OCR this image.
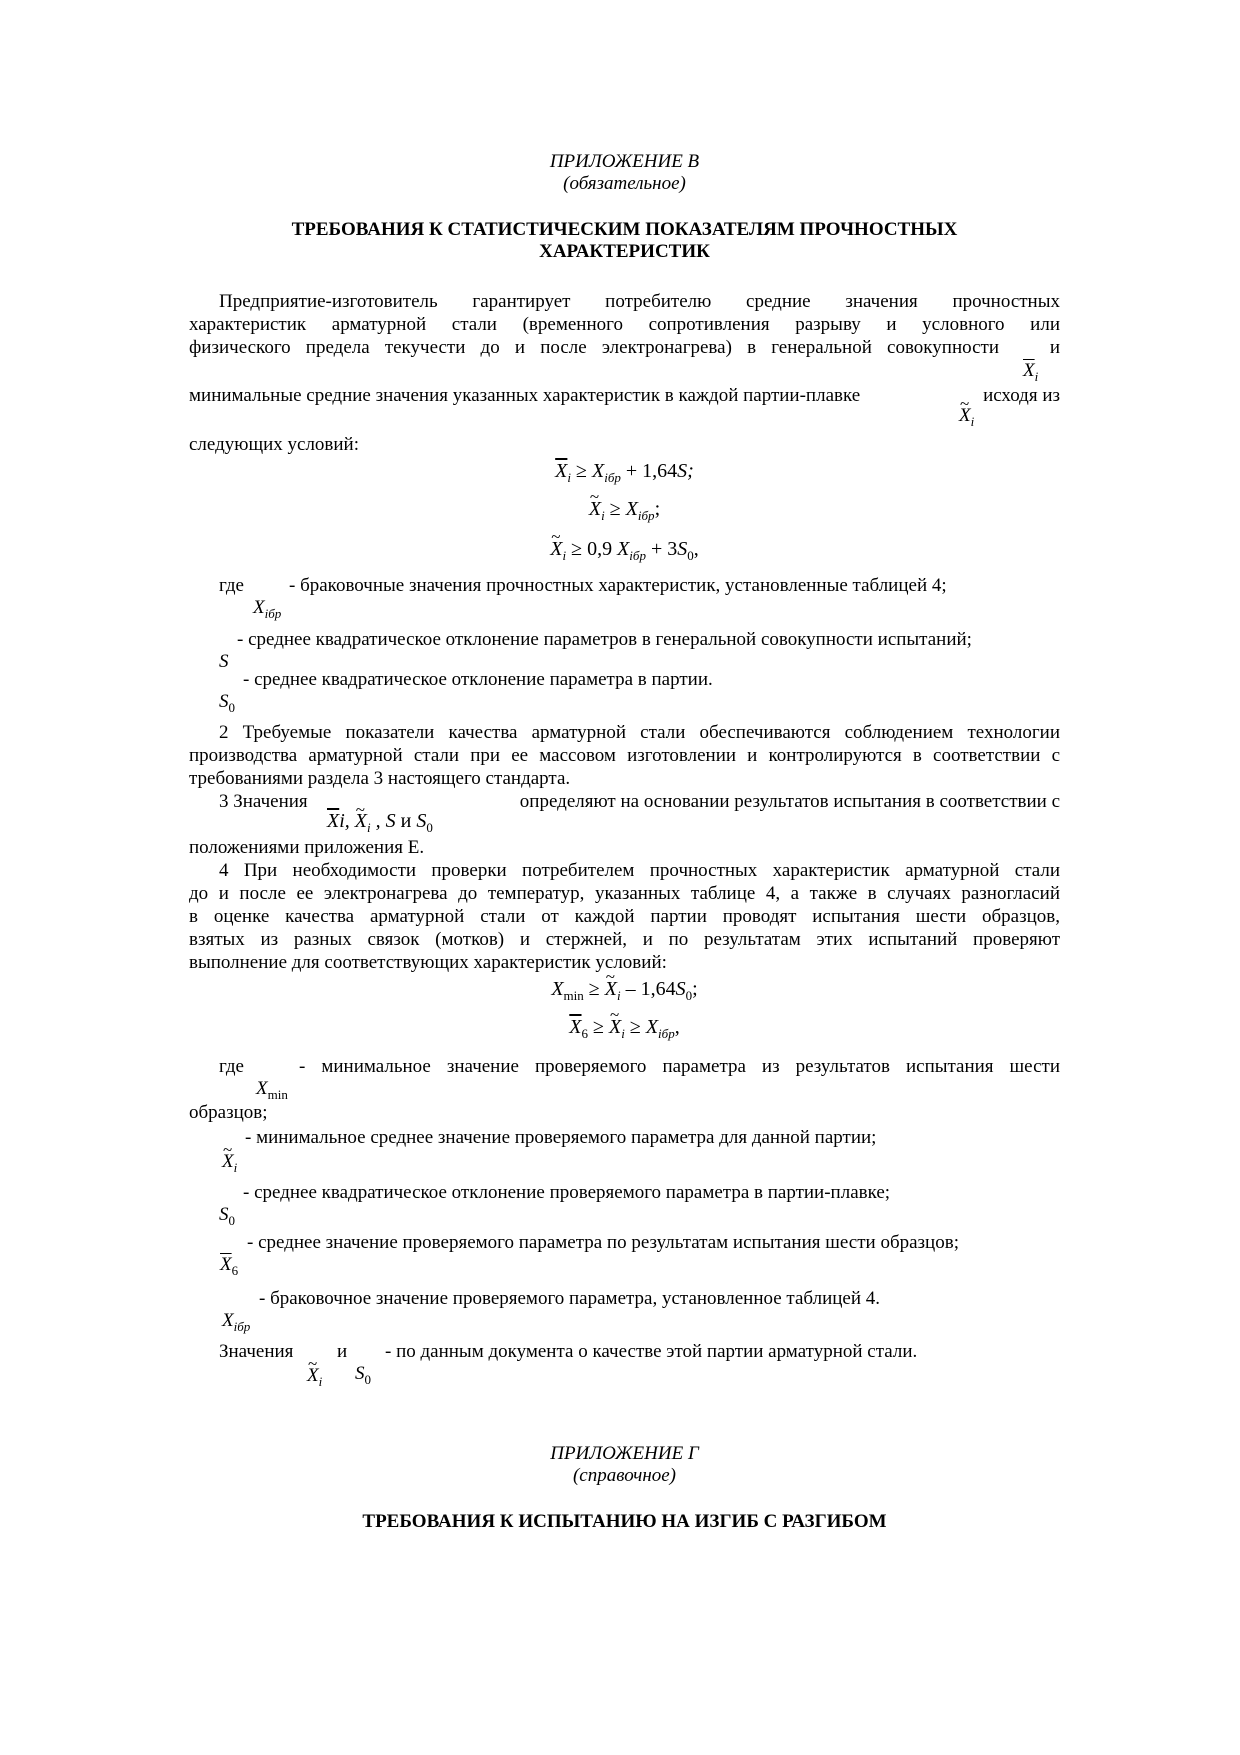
ПРИЛОЖЕНИЕ В
(обязательное)
ТРЕБОВАНИЯ К СТАТИСТИЧЕСКИМ ПОКАЗАТЕЛЯМ ПРОЧНОСТНЫХ
ХАРАКТЕРИСТИК
Предприятие-изготовитель гарантирует потребителю средние значения прочностных
характеристик арматурной стали (временного сопротивления разрыву и условного или
физического предела текучести до и после электронагрева) в генеральной совокупности	и
$\overline{X}_i$
минимальные средние значения указанных характеристик в каждой партии-плавке	исходя из
~ $X_i$
следующих условий:
$\overline{X}_i \ge X_{iбр} + 1,64S$;
~ $X_i \ge X_{iбр}$;
~ $X_i \ge 0,9$ $X_{iбр} + 3S_0$,
где - браковочные значения прочностных характеристик, установленные таблицей 4;
$X_{iбр}$
- среднее квадратическое отклонение параметров в генеральной совокупности испытаний;
S
- среднее квадратическое отклонение параметра в партии.
$S_0$
2 Требуемые показатели качества арматурной стали обеспечиваются соблюдением технологии
производства арматурной стали при ее массовом изготовлении и контролируются в соответствии с
требованиями раздела 3 настоящего стандарта.
3 Значения	определяют на основании результатов испытания в соответствии с
$\overline{X}i$, ~ $X_i$ , S и $S_0$
положениями приложения Е.
4 При необходимости проверки потребителем прочностных характеристик арматурной стали
до и после ее электронагрева до температур, указанных таблице 4, а также в случаях разногласий
в оценке качества арматурной стали от каждой партии проводят испытания шести образцов,
взятых из разных связок (мотков) и стержней, и по результатам этих испытаний проверяют
выполнение для соответствующих характеристик условий:
$X_{min}$ ≥ ~ $X_i - 1,64S_0$;
$\overline{X}_6$ ≥ ~ $X_i \ge X_{iбр}$,
где	- минимальное значение проверяемого параметра из результатов испытания шести
$X_{min}$
образцов;
- минимальное среднее значение проверяемого параметра для данной партии;
~ $X_i$
- среднее квадратическое отклонение проверяемого параметра в партии-плавке;
$S_0$
- среднее значение проверяемого параметра по результатам испытания шести образцов;
$\overline{X}_6$
- браковочное значение проверяемого параметра, установленное таблицей 4.
$X_{iбр}$
Значения и - по данным документа о качестве этой партии арматурной стали.
~ $X_i$ $S_0$
ПРИЛОЖЕНИЕ Г
(справочное)
ТРЕБОВАНИЯ К ИСПЫТАНИЮ НА ИЗГИБ С РАЗГИБОМ
